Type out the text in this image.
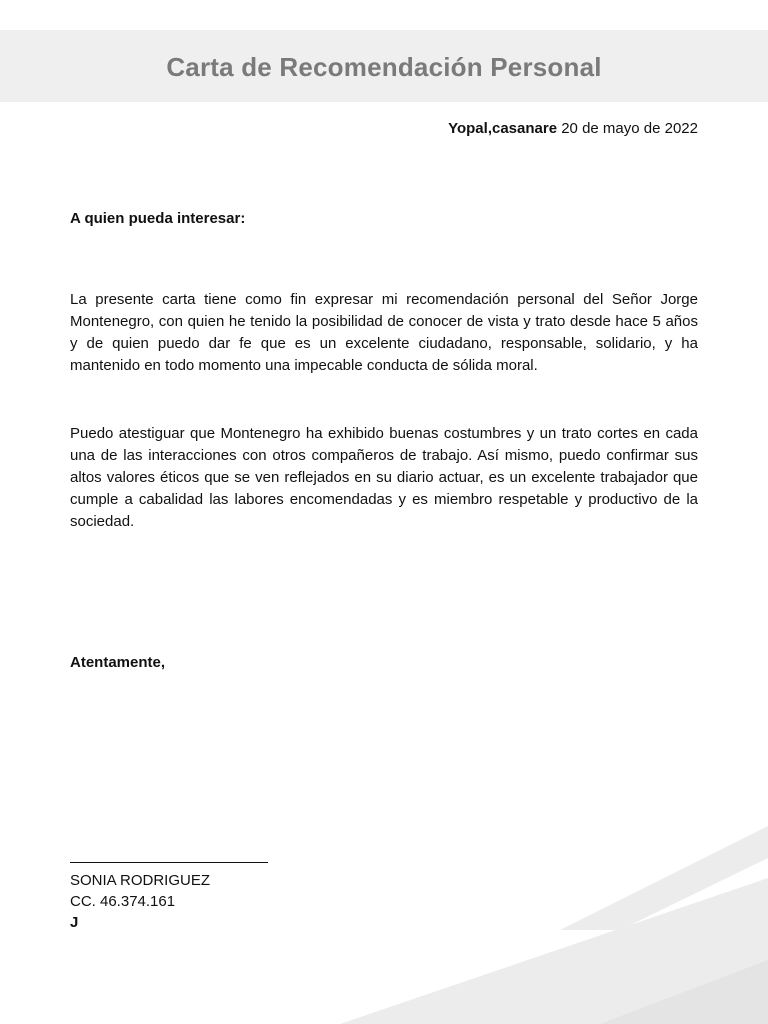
Carta de Recomendación Personal
Yopal,casanare 20 de mayo de 2022
A quien pueda interesar:

La presente carta tiene como fin expresar mi recomendación personal del Señor Jorge Montenegro, con quien he tenido la posibilidad de conocer de vista y trato desde hace 5 años y de quien puedo dar fe que es un excelente ciudadano, responsable, solidario, y ha mantenido en todo momento una impecable conducta de sólida moral.

Puedo atestiguar que Montenegro ha exhibido buenas costumbres y un trato cortes en cada una de las interacciones con otros compañeros de trabajo. Así mismo, puedo confirmar sus altos valores éticos que se ven reflejados en su diario actuar, es un excelente trabajador que cumple a cabalidad las labores encomendadas y es miembro respetable y productivo de la sociedad.

Atentamente,
SONIA RODRIGUEZ
CC. 46.374.161
J
